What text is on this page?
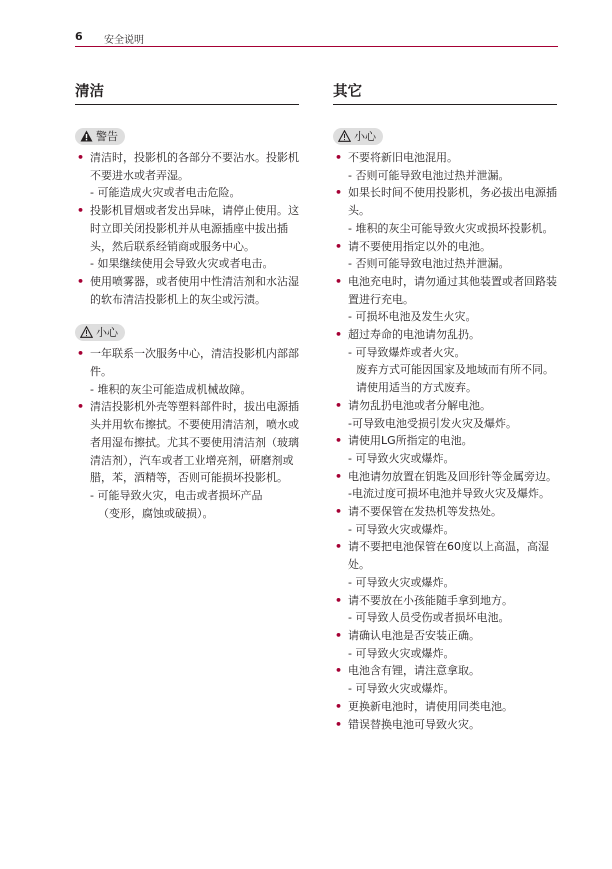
6 安全说明
清洁
警告
• 清洁时，投影机的各部分不要沾水。投影机不要进水或者弄湿。
- 可能造成火灾或者电击危险。
• 投影机冒烟或者发出异味，请停止使用。这时立即关闭投影机并从电源插座中拔出插头，然后联系经销商或服务中心。
- 如果继续使用会导致火灾或者电击。
• 使用喷雾器，或者使用中性清洁剂和水沾湿的软布清洁投影机上的灰尘或污渍。
小心
• 一年联系一次服务中心，清洁投影机内部部件。
- 堆积的灰尘可能造成机械故障。
• 清洁投影机外壳等塑料部件时，拔出电源插头并用软布擦拭。不要使用清洁剂，喷水或者用湿布擦拭。尤其不要使用清洁剂（玻璃清洁剂），汽车或者工业增亮剂，研磨剂或腊，苯，酒精等，否则可能损坏投影机。
- 可能导致火灾，电击或者损坏产品
（变形，腐蚀或破损）。
其它
小心
• 不要将新旧电池混用。
- 否则可能导致电池过热并泄漏。
• 如果长时间不使用投影机，务必拔出电源插头。
- 堆积的灰尘可能导致火灾或损坏投影机。
• 请不要使用指定以外的电池。
- 否则可能导致电池过热并泄漏。
• 电池充电时，请勿通过其他装置或者回路装置进行充电。
- 可损坏电池及发生火灾。
• 超过寿命的电池请勿乱扔。
- 可导致爆炸或者火灾。
废弃方式可能因国家及地域而有所不同。请使用适当的方式废弃。
• 请勿乱扔电池或者分解电池。
-可导致电池受损引发火灾及爆炸。
• 请使用LG所指定的电池。
- 可导致火灾或爆炸。
• 电池请勿放置在钥匙及回形针等金属旁边。
-电流过度可损坏电池并导致火灾及爆炸。
• 请不要保管在发热机等发热处。
- 可导致火灾或爆炸。
• 请不要把电池保管在60度以上高温，高湿处。
- 可导致火灾或爆炸。
• 请不要放在小孩能随手拿到地方。
- 可导致人员受伤或者损坏电池。
• 请确认电池是否安装正确。
- 可导致火灾或爆炸。
• 电池含有锂，请注意拿取。
- 可导致火灾或爆炸。
• 更换新电池时，请使用同类电池。
• 错误替换电池可导致火灾。
